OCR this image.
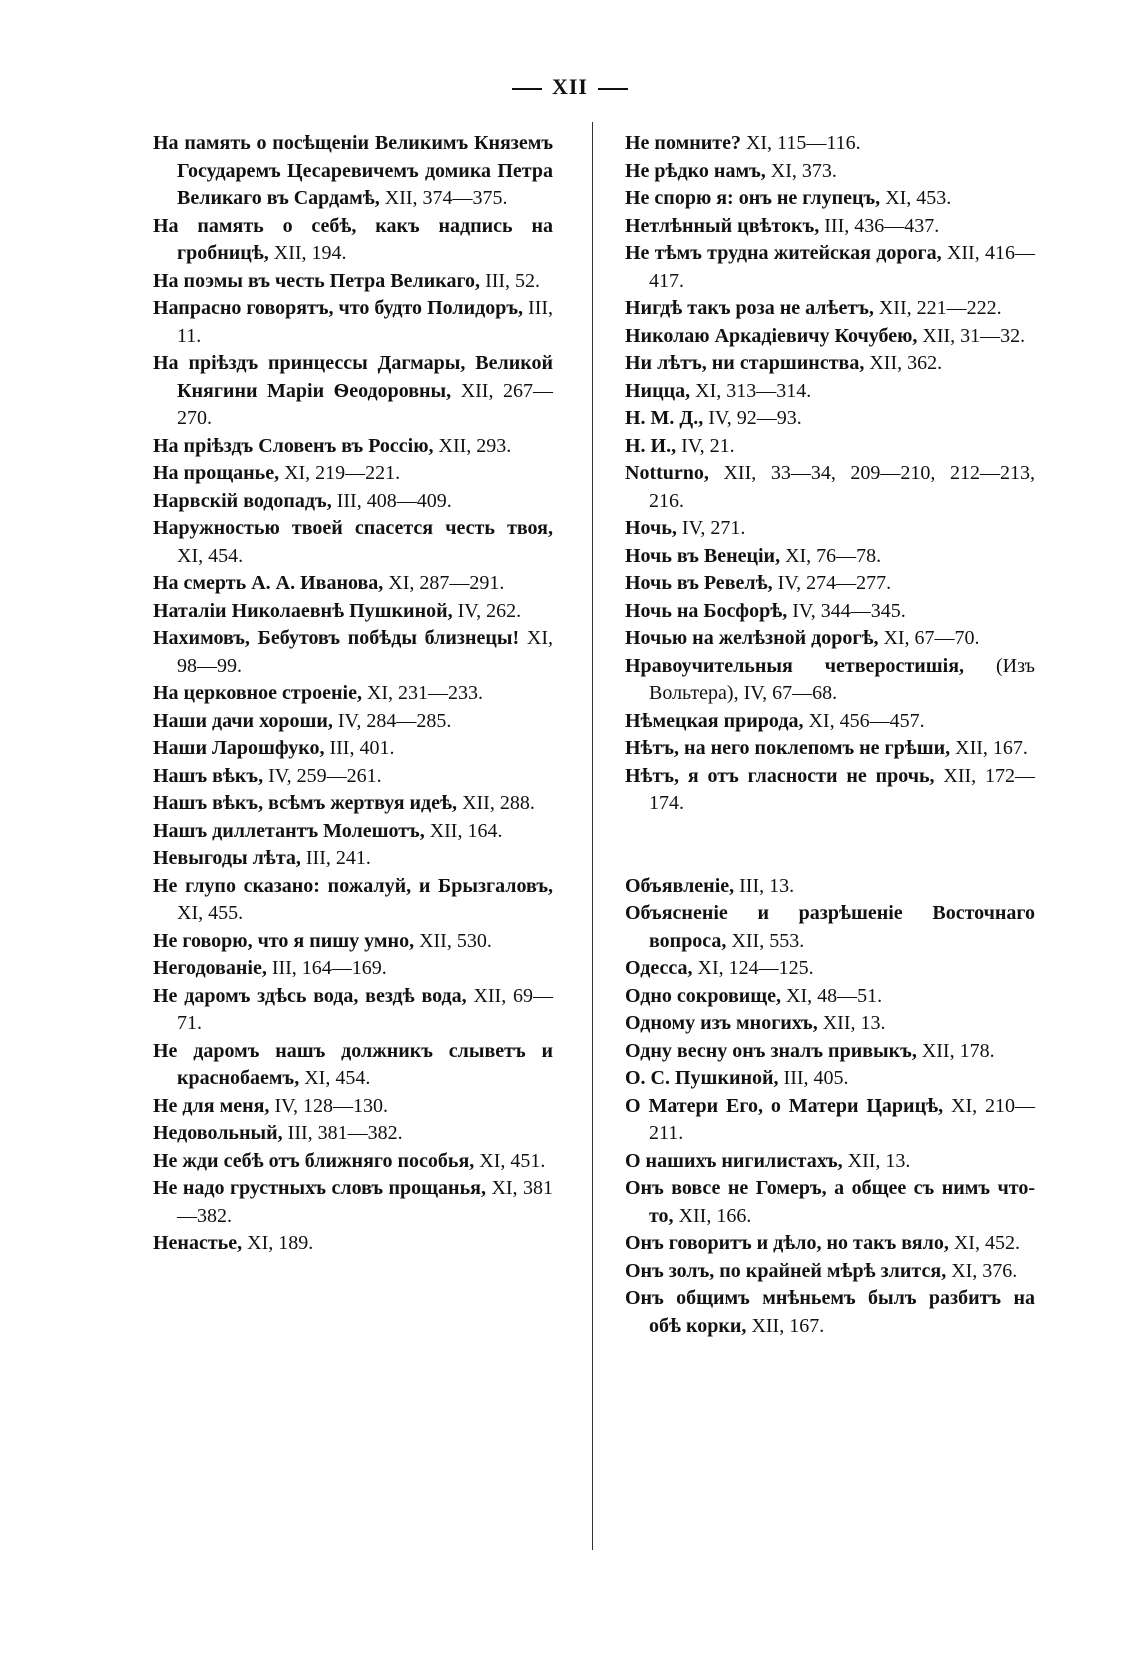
XII
На память о посѣщеніи Великимъ Княземъ Государемъ Цесаревичемъ домика Петра Великаго въ Сардамѣ, XII, 374—375.
На память о себѣ, какъ надпись на гробницѣ, XII, 194.
На поэмы въ честь Петра Великаго, III, 52.
Напрасно говорятъ, что будто Полидоръ, III, 11.
На пріѣздъ принцессы Дагмары, Великой Княгини Маріи Ѳеодоровны, XII, 267—270.
На пріѣздъ Словенъ въ Россію, XII, 293.
На прощанье, XI, 219—221.
Нарвскій водопадъ, III, 408—409.
Наружностью твоей спасется честь твоя, XI, 454.
На смерть А. А. Иванова, XI, 287—291.
Наталіи Николаевнѣ Пушкиной, IV, 262.
Нахимовъ, Бебутовъ побѣды близнецы! XI, 98—99.
На церковное строеніе, XI, 231—233.
Наши дачи хороши, IV, 284—285.
Наши Ларошфуко, III, 401.
Нашъ вѣкъ, IV, 259—261.
Нашъ вѣкъ, всѣмъ жертвуя идеѣ, XII, 288.
Нашъ диллетантъ Молешотъ, XII, 164.
Невыгоды лѣта, III, 241.
Не глупо сказано: пожалуй, и Брызгаловъ, XI, 455.
Не говорю, что я пишу умно, XII, 530.
Негодованіе, III, 164—169.
Не даромъ здѣсь вода, вездѣ вода, XII, 69—71.
Не даромъ нашъ должникъ слыветъ и краснобаемъ, XI, 454.
Не для меня, IV, 128—130.
Недовольный, III, 381—382.
Не жди себѣ отъ ближняго пособья, XI, 451.
Не надо грустныхъ словъ прощанья, XI, 381—382.
Ненастье, XI, 189.
Не помните? XI, 115—116.
Не рѣдко намъ, XI, 373.
Не спорю я: онъ не глупецъ, XI, 453.
Нетлѣнный цвѣтокъ, III, 436—437.
Не тѣмъ трудна житейская дорога, XII, 416—417.
Нигдѣ такъ роза не алѣетъ, XII, 221—222.
Николаю Аркадіевичу Кочубею, XII, 31—32.
Ни лѣтъ, ни старшинства, XII, 362.
Ницца, XI, 313—314.
Н. М. Д., IV, 92—93.
Н. И., IV, 21.
Notturno, XII, 33—34, 209—210, 212—213, 216.
Ночь, IV, 271.
Ночь въ Венеціи, XI, 76—78.
Ночь въ Ревелѣ, IV, 274—277.
Ночь на Босфорѣ, IV, 344—345.
Ночью на желѣзной дорогѣ, XI, 67—70.
Нравоучительныя четверостишія, (Изъ Вольтера), IV, 67—68.
Нѣмецкая природа, XI, 456—457.
Нѣтъ, на него поклепомъ не грѣши, XII, 167.
Нѣтъ, я отъ гласности не прочь, XII, 172—174.
Объявленіе, III, 13.
Объясненіе и разрѣшеніе Восточнаго вопроса, XII, 553.
Одесса, XI, 124—125.
Одно сокровище, XI, 48—51.
Одному изъ многихъ, XII, 13.
Одну весну онъ зналъ привыкъ, XII, 178.
О. С. Пушкиной, III, 405.
О Матери Его, о Матери Царицѣ, XI, 210—211.
О нашихъ нигилистахъ, XII, 13.
Онъ вовсе не Гомеръ, а общее съ нимъ что-то, XII, 166.
Онъ говоритъ и дѣло, но такъ вяло, XI, 452.
Онъ золъ, по крайней мѣрѣ злится, XI, 376.
Онъ общимъ мнѣньемъ былъ разбитъ на обѣ корки, XII, 167.
